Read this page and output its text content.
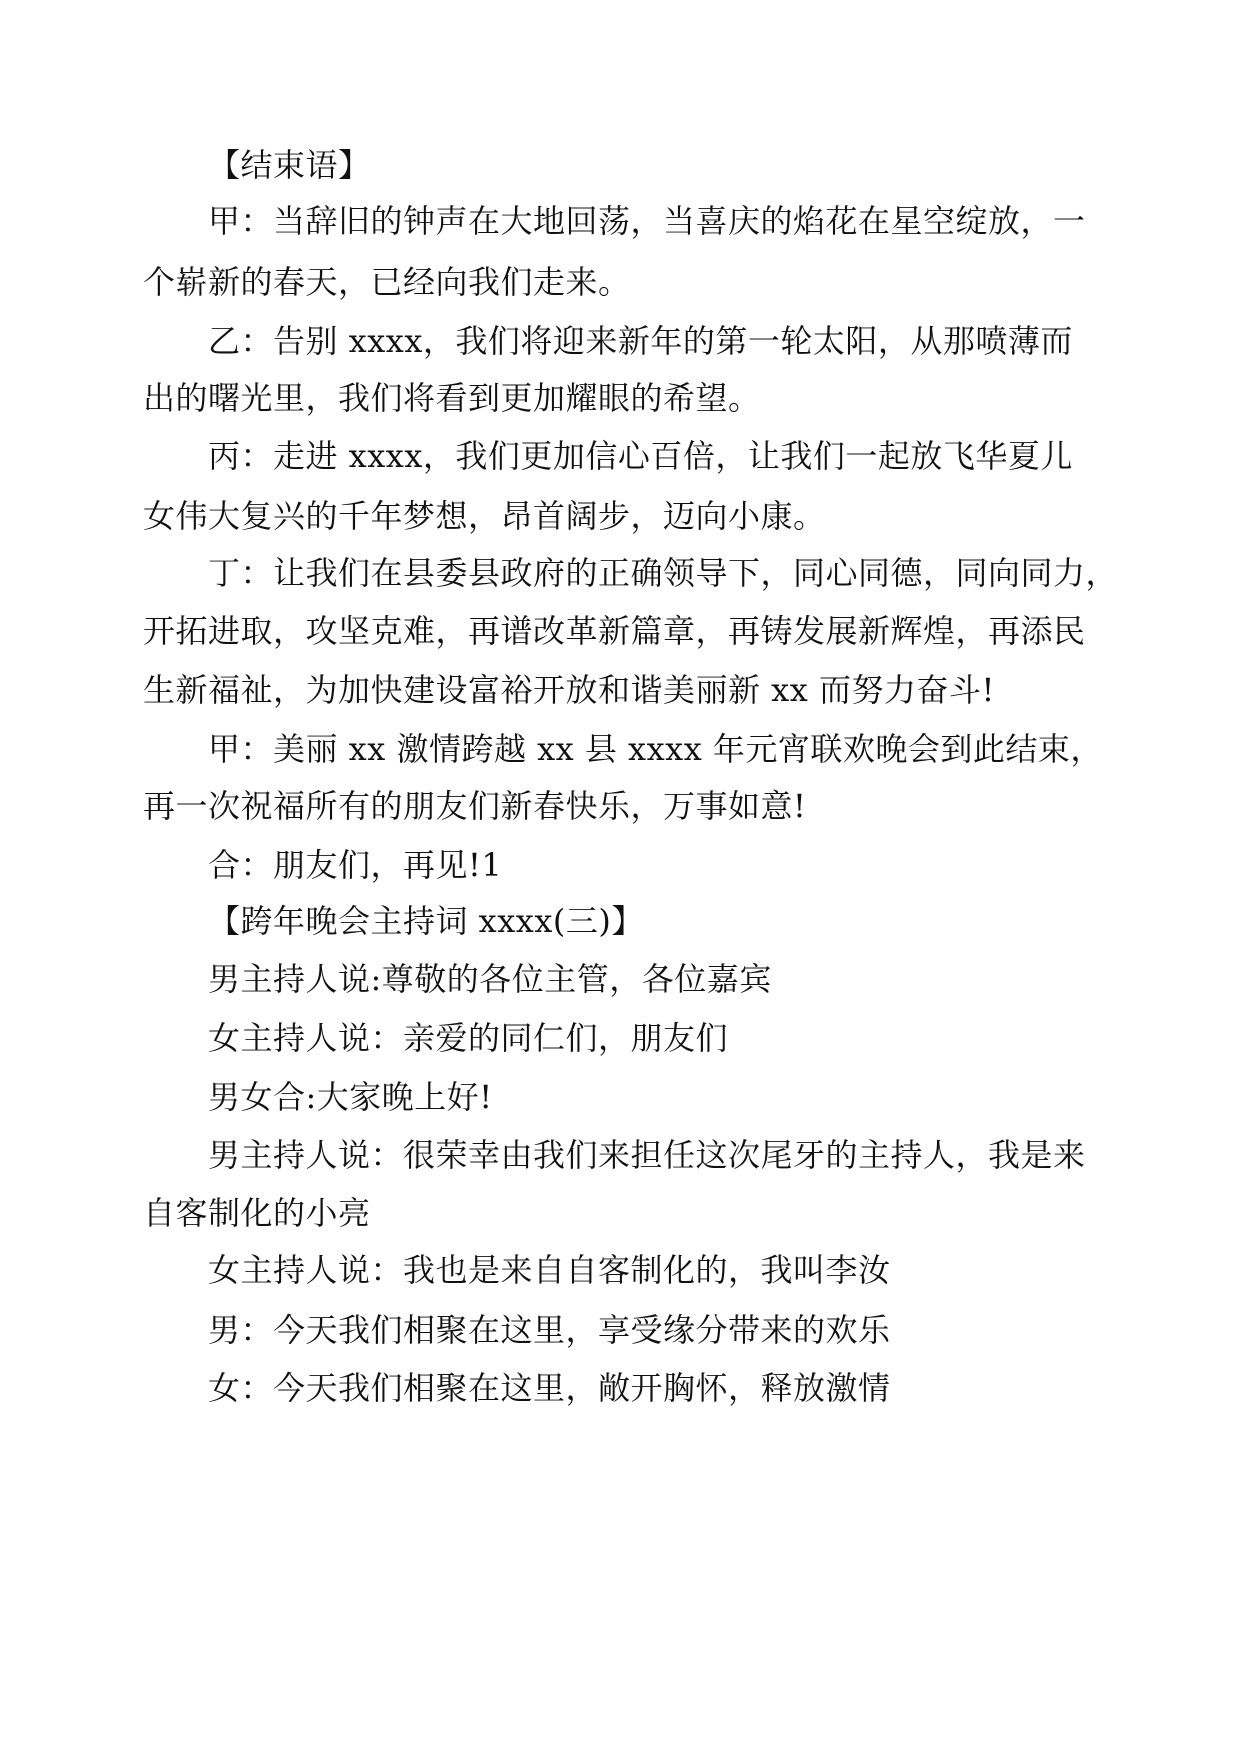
【结束语】
甲：当辞旧的钟声在大地回荡，当喜庆的焰花在星空绽放，一
个崭新的春天，已经向我们走来。
乙：告别 xxxx，我们将迎来新年的第一轮太阳，从那喷薄而
出的曙光里，我们将看到更加耀眼的希望。
丙：走进 xxxx，我们更加信心百倍，让我们一起放飞华夏儿
女伟大复兴的千年梦想，昂首阔步，迈向小康。
丁：让我们在县委县政府的正确领导下，同心同德，同向同力，
开拓进取，攻坚克难，再谱改革新篇章，再铸发展新辉煌，再添民
生新福祉，为加快建设富裕开放和谐美丽新 xx 而努力奋斗!
甲：美丽 xx 激情跨越 xx 县 xxxx 年元宵联欢晚会到此结束，
再一次祝福所有的朋友们新春快乐，万事如意!
合：朋友们，再见!1
【跨年晚会主持词 xxxx(三)】
男主持人说:尊敬的各位主管，各位嘉宾
女主持人说：亲爱的同仁们，朋友们
男女合:大家晚上好!
男主持人说：很荣幸由我们来担任这次尾牙的主持人，我是来
自客制化的小亮
女主持人说：我也是来自自客制化的，我叫李汝
男：今天我们相聚在这里，享受缘分带来的欢乐
女：今天我们相聚在这里，敞开胸怀，释放激情
